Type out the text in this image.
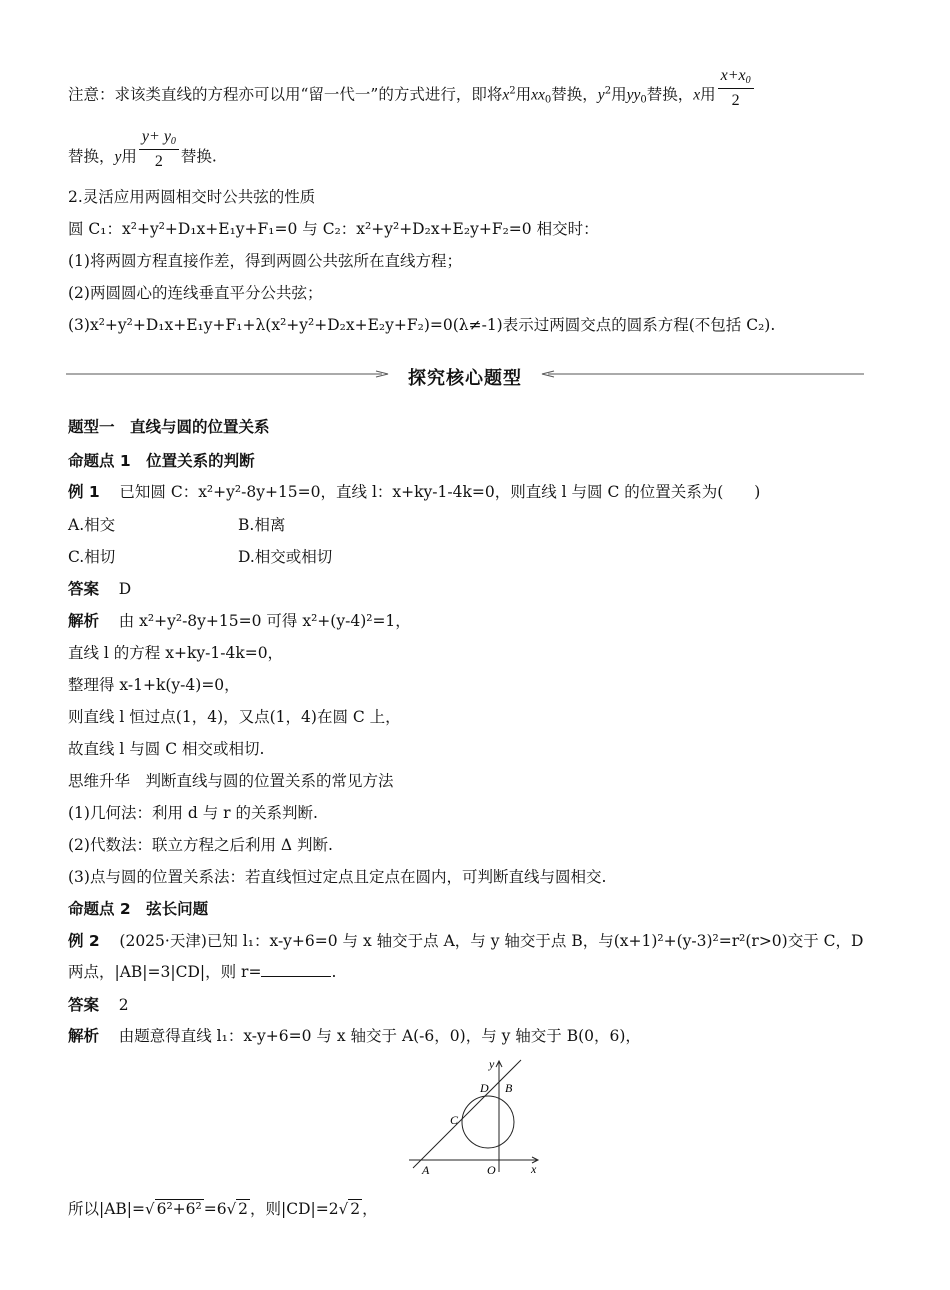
注意：求该类直线的方程亦可以用“留一代一”的方式进行，即将$x^2$用$xx_0$替换，$y^2$用$yy_0$替换，x用 $\frac{x+x_0}{2}$
替换，y用 $\frac{y+ y_0}{2}$ 替换.
2.灵活应用两圆相交时公共弦的性质
圆 C₁：x²+y²+D₁x+E₁y+F₁=0 与 C₂：x²+y²+D₂x+E₂y+F₂=0 相交时：
(1)将两圆方程直接作差，得到两圆公共弦所在直线方程；
(2)两圆圆心的连线垂直平分公共弦；
(3)x²+y²+D₁x+E₁y+F₁+λ(x²+y²+D₂x+E₂y+F₂)=0(λ≠-1)表示过两圆交点的圆系方程(不包括 C₂).
探究核心题型
题型一　直线与圆的位置关系
命题点 1　位置关系的判断
例 1 已知圆 C：x²+y²-8y+15=0，直线 l：x+ky-1-4k=0，则直线 l 与圆 C 的位置关系为(　　)
A.相交	B.相离
C.相切	D.相交或相切
答案 D
解析 由 x²+y²-8y+15=0 可得 x²+(y-4)²=1，
直线 l 的方程 x+ky-1-4k=0，
整理得 x-1+k(y-4)=0，
则直线 l 恒过点(1，4)，又点(1，4)在圆 C 上，
故直线 l 与圆 C 相交或相切.
思维升华　判断直线与圆的位置关系的常见方法
(1)几何法：利用 d 与 r 的关系判断.
(2)代数法：联立方程之后利用 Δ 判断.
(3)点与圆的位置关系法：若直线恒过定点且定点在圆内，可判断直线与圆相交.
命题点 2　弦长问题
例 2 (2025·天津)已知 l₁：x-y+6=0 与 x 轴交于点 A，与 y 轴交于点 B，与(x+1)²+(y-3)²=r²(r>0)交于 C，D
两点，|AB|=3|CD|，则 r=	.
答案 2
解析 由题意得直线 l₁：x-y+6=0 与 x 轴交于 A(-6，0)，与 y 轴交于 B(0，6)，
y
x
D B
C
A	O
所以|AB|=√ 6²+6² =6√ 2 ，则|CD|=2√ 2 ，
